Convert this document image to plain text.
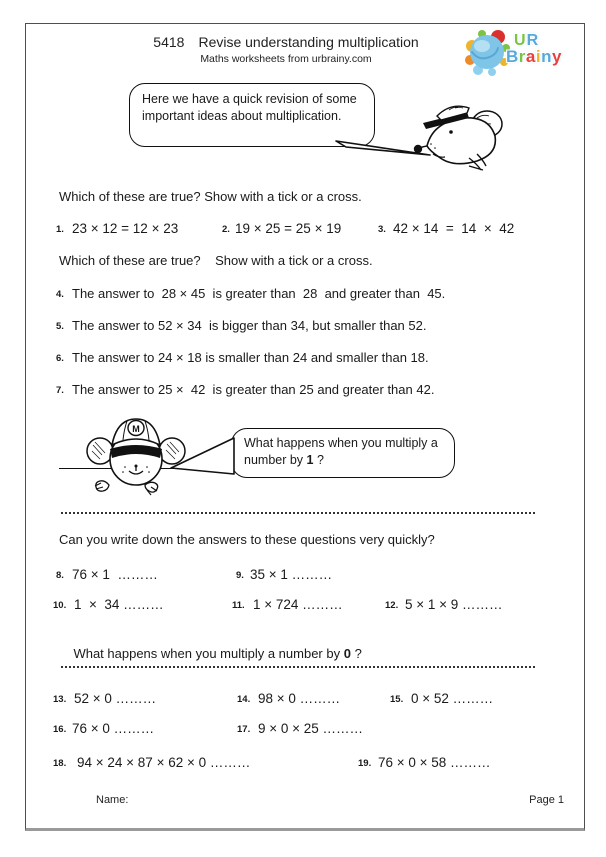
5418 Revise understanding multiplication
Maths worksheets from urbrainy.com
UR
Brainy
Here we have a quick revision of some important ideas about multiplication.
Which of these are true? Show with a tick or a cross.
1. 23 × 12 = 12 × 23	2. 19 × 25 = 25 × 19	3. 42 × 14  =  14  ×  42
Which of these are true?    Show with a tick or a cross.
4. The answer to  28 × 45  is greater than  28  and greater than  45.
5. The answer to 52 × 34  is bigger than 34, but smaller than 52.
6. The answer to 24 × 18 is smaller than 24 and smaller than 18.
7. The answer to 25 ×  42  is greater than 25 and greater than 42.
M
What happens when you multiply a number by 1 ?
Can you write down the answers to these questions very quickly?
8. 76 × 1  ………	9. 35 × 1 ………
10. 1  ×  34 ………	11. 1 × 724 ………	12. 5 × 1 × 9 ………

What happens when you multiply a number by 0 ?

13. 52 × 0 ………	14. 98 × 0 ………	15. 0 × 52 ………
16. 76 × 0 ………	17. 9 × 0 × 25 ………
18. 94 × 24 × 87 × 62 × 0 ………	19. 76 × 0 × 58 ………
Name:	Page 1
